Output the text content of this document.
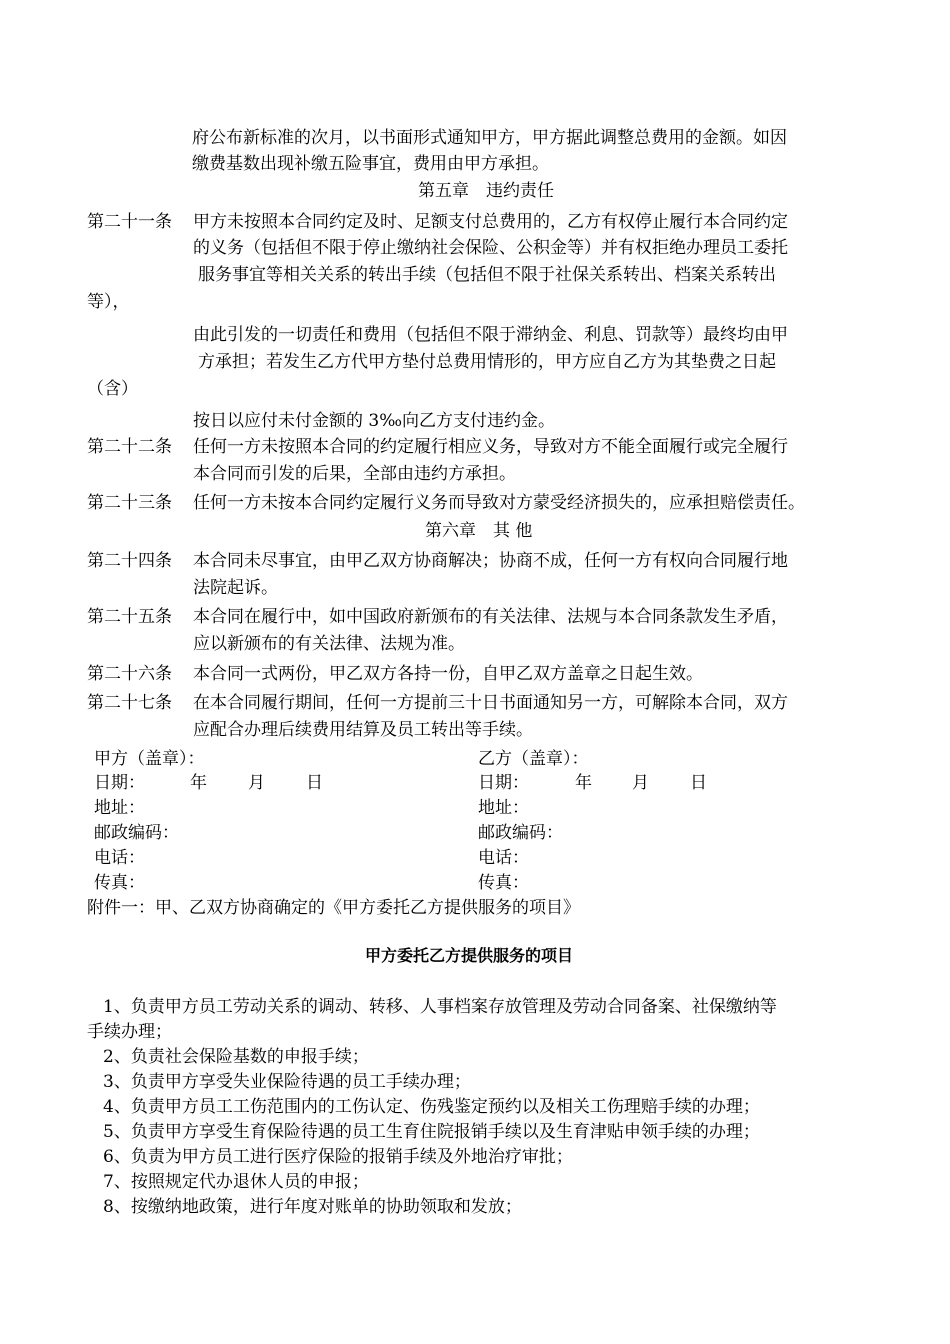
府公布新标准的次月，以书面形式通知甲方，甲方据此调整总费用的金额。如因
缴费基数出现补缴五险事宜，费用由甲方承担。
第五章　违约责任
第二十一条 甲方未按照本合同约定及时、足额支付总费用的，乙方有权停止履行本合同约定
的义务（包括但不限于停止缴纳社会保险、公积金等）并有权拒绝办理员工委托
服务事宜等相关关系的转出手续（包括但不限于社保关系转出、档案关系转出
等），
由此引发的一切责任和费用（包括但不限于滞纳金、利息、罚款等）最终均由甲
方承担；若发生乙方代甲方垫付总费用情形的，甲方应自乙方为其垫费之日起
（含）
按日以应付未付金额的 3‰向乙方支付违约金。
第二十二条 任何一方未按照本合同的约定履行相应义务，导致对方不能全面履行或完全履行
本合同而引发的后果，全部由违约方承担。
第二十三条 任何一方未按本合同约定履行义务而导致对方蒙受经济损失的，应承担赔偿责任。
第六章　其 他
第二十四条 本合同未尽事宜，由甲乙双方协商解决；协商不成，任何一方有权向合同履行地
法院起诉。
第二十五条 本合同在履行中，如中国政府新颁布的有关法律、法规与本合同条款发生矛盾，
应以新颁布的有关法律、法规为准。
第二十六条 本合同一式两份，甲乙双方各持一份，自甲乙双方盖章之日起生效。
第二十七条 在本合同履行期间，任何一方提前三十日书面通知另一方，可解除本合同，双方
应配合办理后续费用结算及员工转出等手续。
甲方（盖章）：
日期：	年 月 日
地址：
邮政编码：
电话：
传真：
乙方（盖章）：
日期：	年 月 日
地址：
邮政编码：
电话：
传真：
附件一：甲、乙双方协商确定的《甲方委托乙方提供服务的项目》
甲方委托乙方提供服务的项目
1、负责甲方员工劳动关系的调动、转移、人事档案存放管理及劳动合同备案、社保缴纳等
手续办理；
2、负责社会保险基数的申报手续；
3、负责甲方享受失业保险待遇的员工手续办理；
4、负责甲方员工工伤范围内的工伤认定、伤残鉴定预约以及相关工伤理赔手续的办理；
5、负责甲方享受生育保险待遇的员工生育住院报销手续以及生育津贴申领手续的办理；
6、负责为甲方员工进行医疗保险的报销手续及外地治疗审批；
7、按照规定代办退休人员的申报；
8、按缴纳地政策，进行年度对账单的协助领取和发放；
